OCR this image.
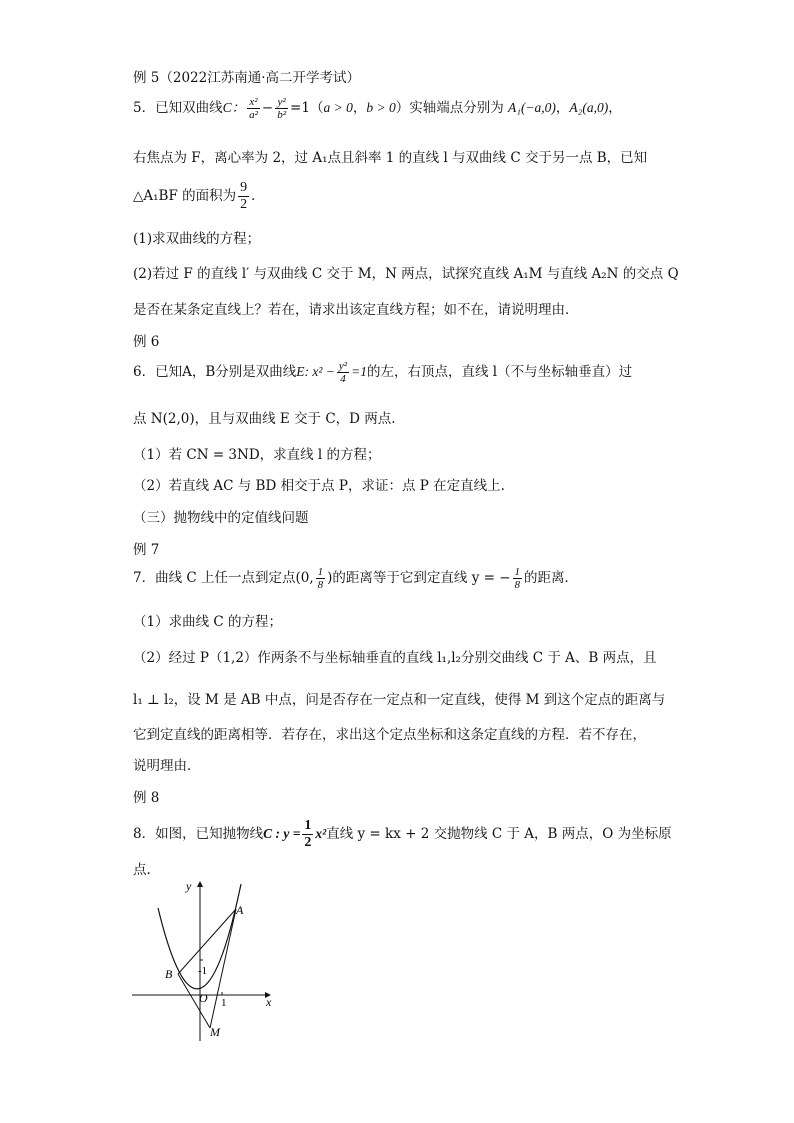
例 5（2022江苏南通·高二开学考试）
5．已知双曲线C： $\frac{\text{x²}}{\text{a²}} - \frac{\text{y²}}{\text{b²}} =1(a > 0$，b > 0）实轴端点分别为 A₁(−a,0)，A₂(a,0)，
右焦点为 F，离心率为 2，过 A₁点且斜率 1 的直线 l 与双曲线 C 交于另一点 B，已知
△A₁BF 的面积为 $\frac{9}{2}$ ．
(1)求双曲线的方程；
(2)若过 F 的直线 l′ 与双曲线 C 交于 M，N 两点，试探究直线 A₁M 与直线 A₂N 的交点 Q
是否在某条定直线上？若在，请求出该定直线方程；如不在，请说明理由．
例 6
6．已知A，B分别是双曲线E: $x^2 - \frac{\text{y²}}{4} =1$的左，右顶点，直线 l（不与坐标轴垂直）过
点 N(2,0)，且与双曲线 E 交于 C，D 两点.
（1）若 CN = 3ND，求直线 l 的方程；
（2）若直线 AC 与 BD 相交于点 P，求证：点 P 在定直线上.
（三）抛物线中的定值线问题
例 7
7．曲线 C 上任一点到定点(0, $\frac{1}{8}$ )的距离等于它到定直线 y = − $\frac{1}{8}$ 的距离．
（1）求曲线 C 的方程；
（2）经过 P（1,2）作两条不与坐标轴垂直的直线 l₁,l₂分别交曲线 C 于 A、B 两点，且
l₁ ⊥ l₂，设 M 是 AB 中点，问是否存在一定点和一定直线，使得 M 到这个定点的距离与
它到定直线的距离相等．若存在，求出这个定点坐标和这条定直线的方程．若不存在，
说明理由．
例 8
8．如图，已知抛物线C : $y = \frac{1}{2} x^2$直线 y = kx + 2 交抛物线 C 于 A，B 两点，O 为坐标原
点.
y
x
A
B
O
M
-1
1
